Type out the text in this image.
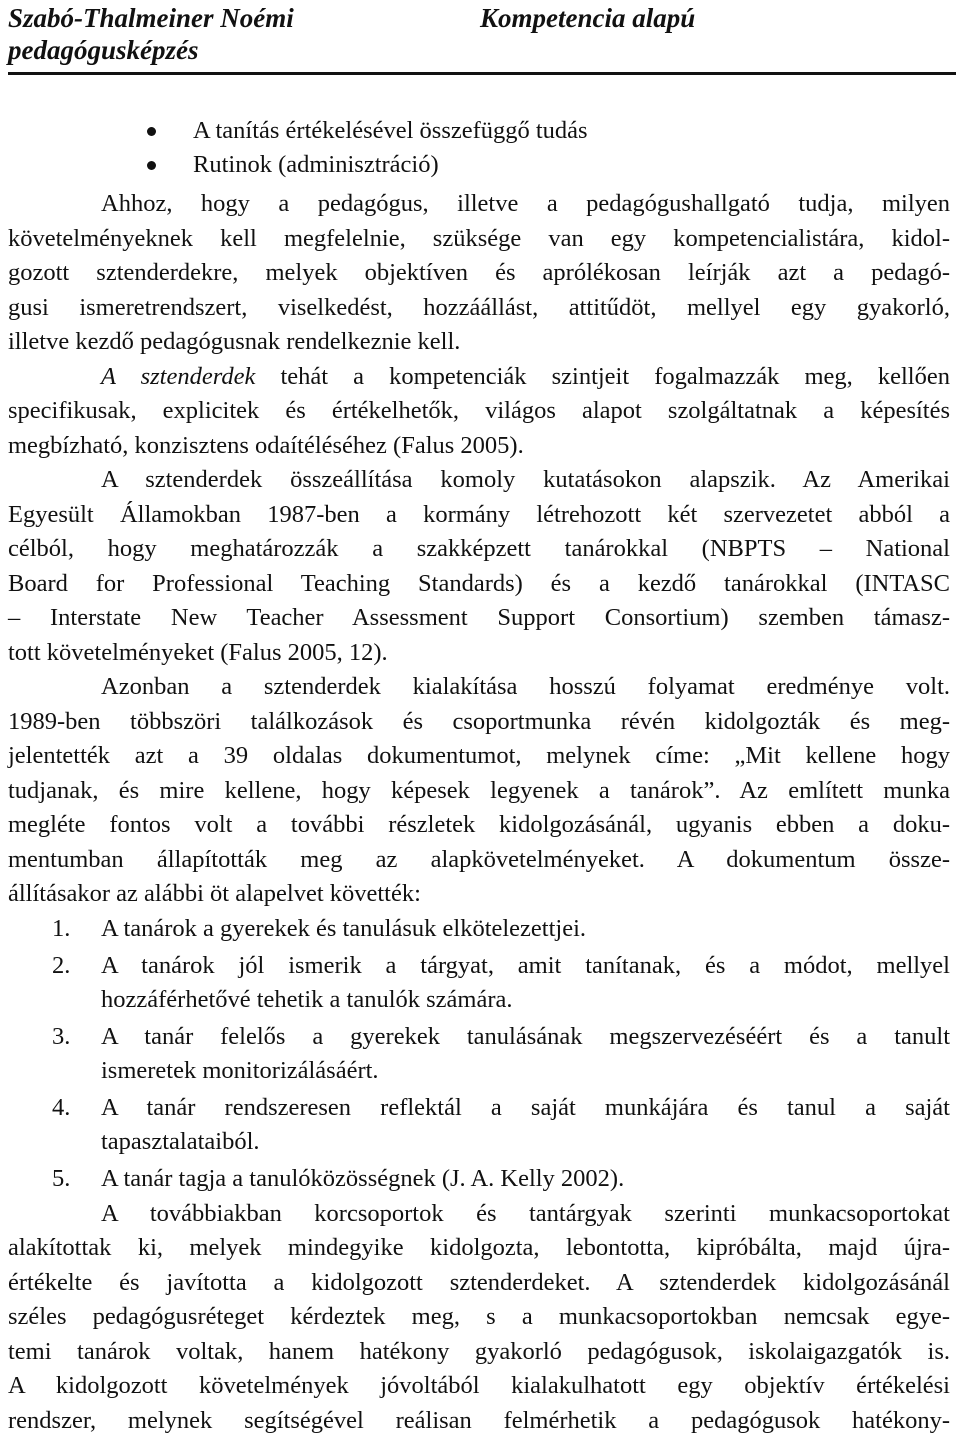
Szabó-Thalmeiner Noémi
pedagógusképzés
Kompetencia alapú
A tanítás értékelésével összefüggő tudás
Rutinok (adminisztráció)
Ahhoz, hogy a pedagógus, illetve a pedagógushallgató tudja, milyen
követelményeknek kell megfelelnie, szüksége van egy kompetencialistára, kidol-
gozott sztenderdekre, melyek objektíven és aprólékosan leírják azt a pedagó-
gusi ismeretrendszert, viselkedést, hozzáállást, attitűdöt, mellyel egy gyakorló,
illetve kezdő pedagógusnak rendelkeznie kell.
A sztenderdek tehát a kompetenciák szintjeit fogalmazzák meg, kellően
specifikusak, explicitek és értékelhetők, világos alapot szolgáltatnak a képesítés
megbízható, konzisztens odaítéléséhez (Falus 2005).
A sztenderdek összeállítása komoly kutatásokon alapszik. Az Amerikai
Egyesült Államokban 1987-ben a kormány létrehozott két szervezetet abból a
célból, hogy meghatározzák a szakképzett tanárokkal (NBPTS – National
Board for Professional Teaching Standards) és a kezdő tanárokkal (INTASC
– Interstate New Teacher Assessment Support Consortium) szemben támasz-
tott követelményeket (Falus 2005, 12).
Azonban a sztenderdek kialakítása hosszú folyamat eredménye volt.
1989-ben többszöri találkozások és csoportmunka révén kidolgozták és meg-
jelentették azt a 39 oldalas dokumentumot, melynek címe: „Mit kellene hogy
tudjanak, és mire kellene, hogy képesek legyenek a tanárok”. Az említett munka
megléte fontos volt a további részletek kidolgozásánál, ugyanis ebben a doku-
mentumban állapították meg az alapkövetelményeket. A dokumentum össze-
állításakor az alábbi öt alapelvet követték:
1. A tanárok a gyerekek és tanulásuk elkötelezettjei.
2. A tanárok jól ismerik a tárgyat, amit tanítanak, és a módot, mellyel
hozzáférhetővé tehetik a tanulók számára.
3. A tanár felelős a gyerekek tanulásának megszervezéséért és a tanult
ismeretek monitorizálásáért.
4. A tanár rendszeresen reflektál a saját munkájára és tanul a saját
tapasztalataiból.
5. A tanár tagja a tanulóközösségnek (J. A. Kelly 2002).
A továbbiakban korcsoportok és tantárgyak szerinti munkacsoportokat
alakítottak ki, melyek mindegyike kidolgozta, lebontotta, kipróbálta, majd újra-
értékelte és javította a kidolgozott sztenderdeket. A sztenderdek kidolgozásánál
széles pedagógusréteget kérdeztek meg, s a munkacsoportokban nemcsak egye-
temi tanárok voltak, hanem hatékony gyakorló pedagógusok, iskolaigazgatók is.
A kidolgozott követelmények jóvoltából kialakulhatott egy objektív értékelési
rendszer, melynek segítségével reálisan felmérhetik a pedagógusok hatékony-
